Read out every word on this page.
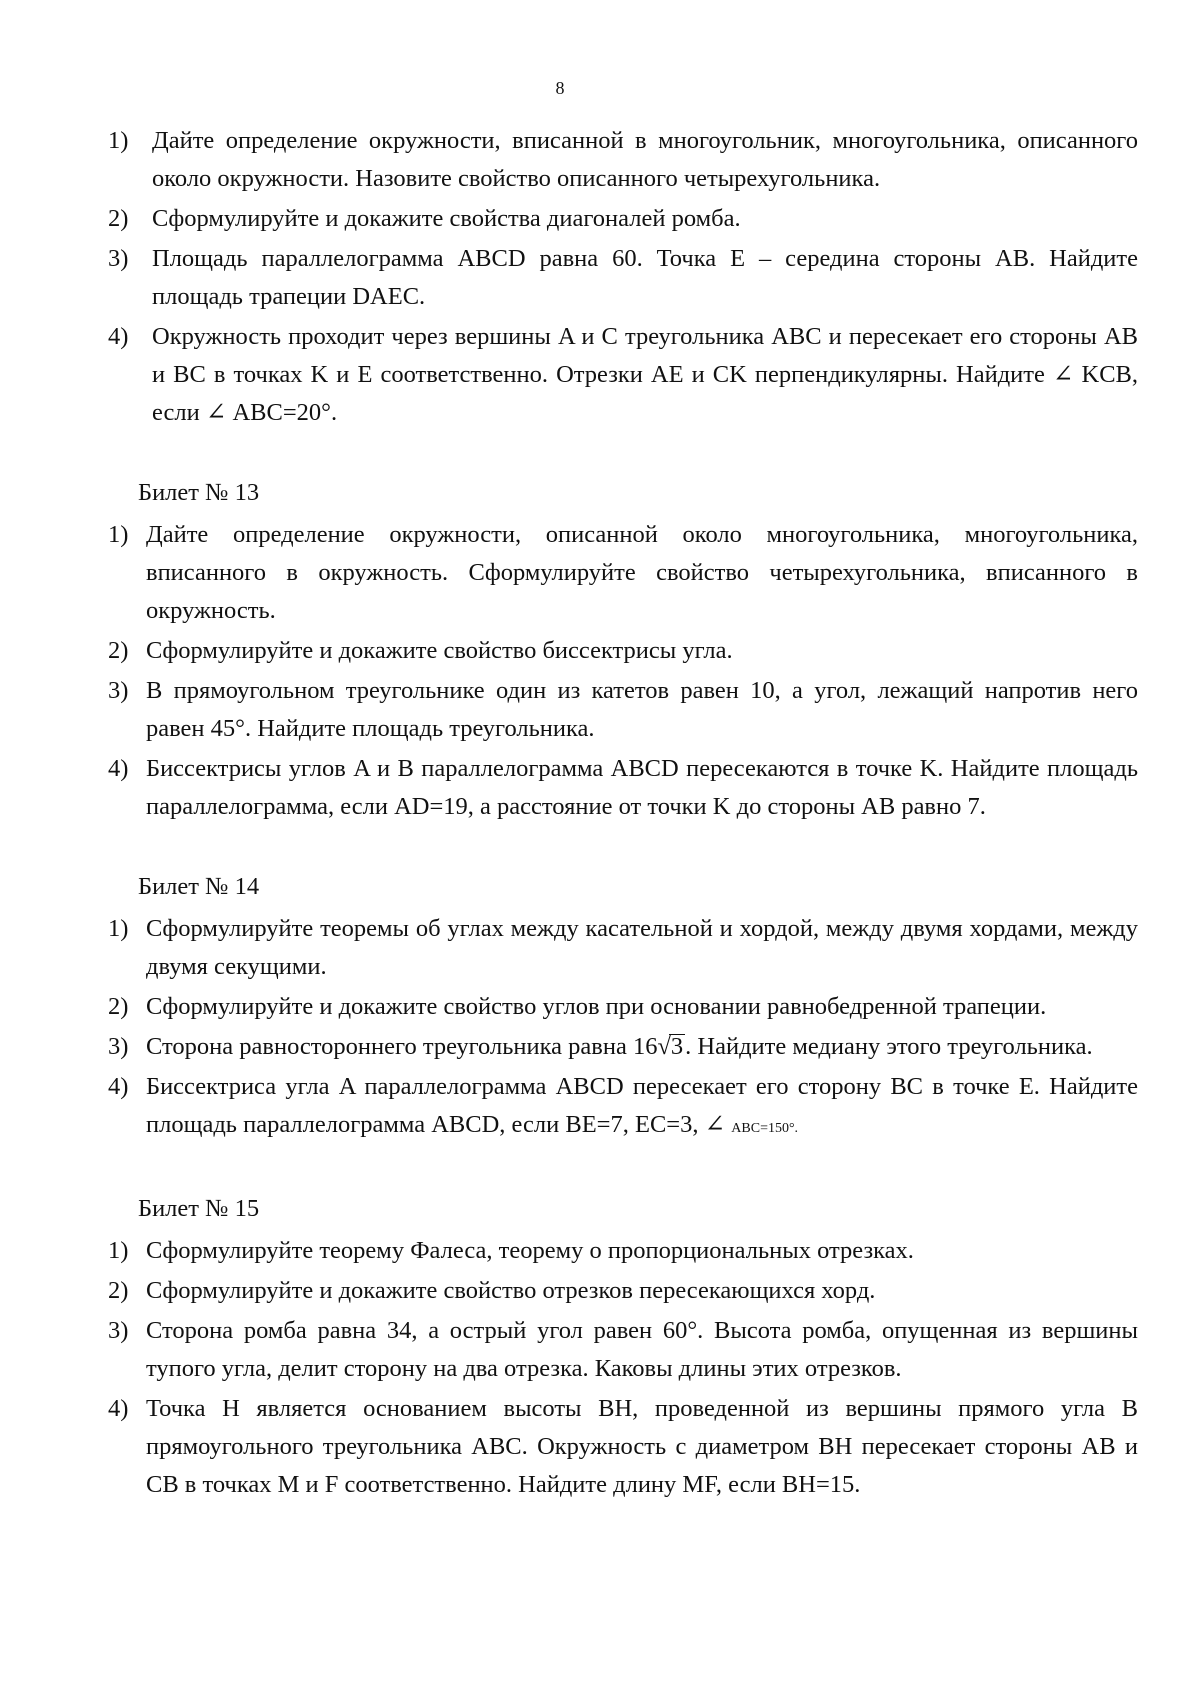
8
1) Дайте определение окружности, вписанной в многоугольник, многоугольника, описанного около окружности. Назовите свойство описанного четырехугольника.
2) Сформулируйте и докажите свойства диагоналей ромба.
3) Площадь параллелограмма ABCD равна 60. Точка E – середина стороны AB. Найдите площадь трапеции DAEC.
4) Окружность проходит через вершины A и C треугольника ABC и пересекает его стороны AB и BC в точках K и E соответственно. Отрезки AE и CK перпендикулярны. Найдите ∠ KCB, если ∠ ABC=20°.
Билет № 13
1) Дайте определение окружности, описанной около многоугольника, многоугольника, вписанного в окружность. Сформулируйте свойство четырехугольника, вписанного в окружность.
2) Сформулируйте и докажите свойство биссектрисы угла.
3) В прямоугольном треугольнике один из катетов равен 10, а угол, лежащий напротив него равен 45°. Найдите площадь треугольника.
4) Биссектрисы углов A и B параллелограмма ABCD пересекаются в точке K. Найдите площадь параллелограмма, если AD=19, а расстояние от точки K до стороны AB равно 7.
Билет № 14
1) Сформулируйте теоремы об углах между касательной и хордой, между двумя хордами, между двумя секущими.
2) Сформулируйте и докажите свойство углов при основании равнобедренной трапеции.
3) Сторона равностороннего треугольника равна 16√3. Найдите медиану этого треугольника.
4) Биссектриса угла A параллелограмма ABCD пересекает его сторону BC в точке E. Найдите площадь параллелограмма ABCD, если BE=7, EC=3, ∠ ABC=150°.
Билет № 15
1) Сформулируйте теорему Фалеса, теорему о пропорциональных отрезках.
2) Сформулируйте и докажите свойство отрезков пересекающихся хорд.
3) Сторона ромба равна 34, а острый угол равен 60°. Высота ромба, опущенная из вершины тупого угла, делит сторону на два отрезка. Каковы длины этих отрезков.
4) Точка H является основанием высоты BH, проведенной из вершины прямого угла B прямоугольного треугольника ABC. Окружность с диаметром BH пересекает стороны AB и CB в точках M и F соответственно. Найдите длину MF, если BH=15.
